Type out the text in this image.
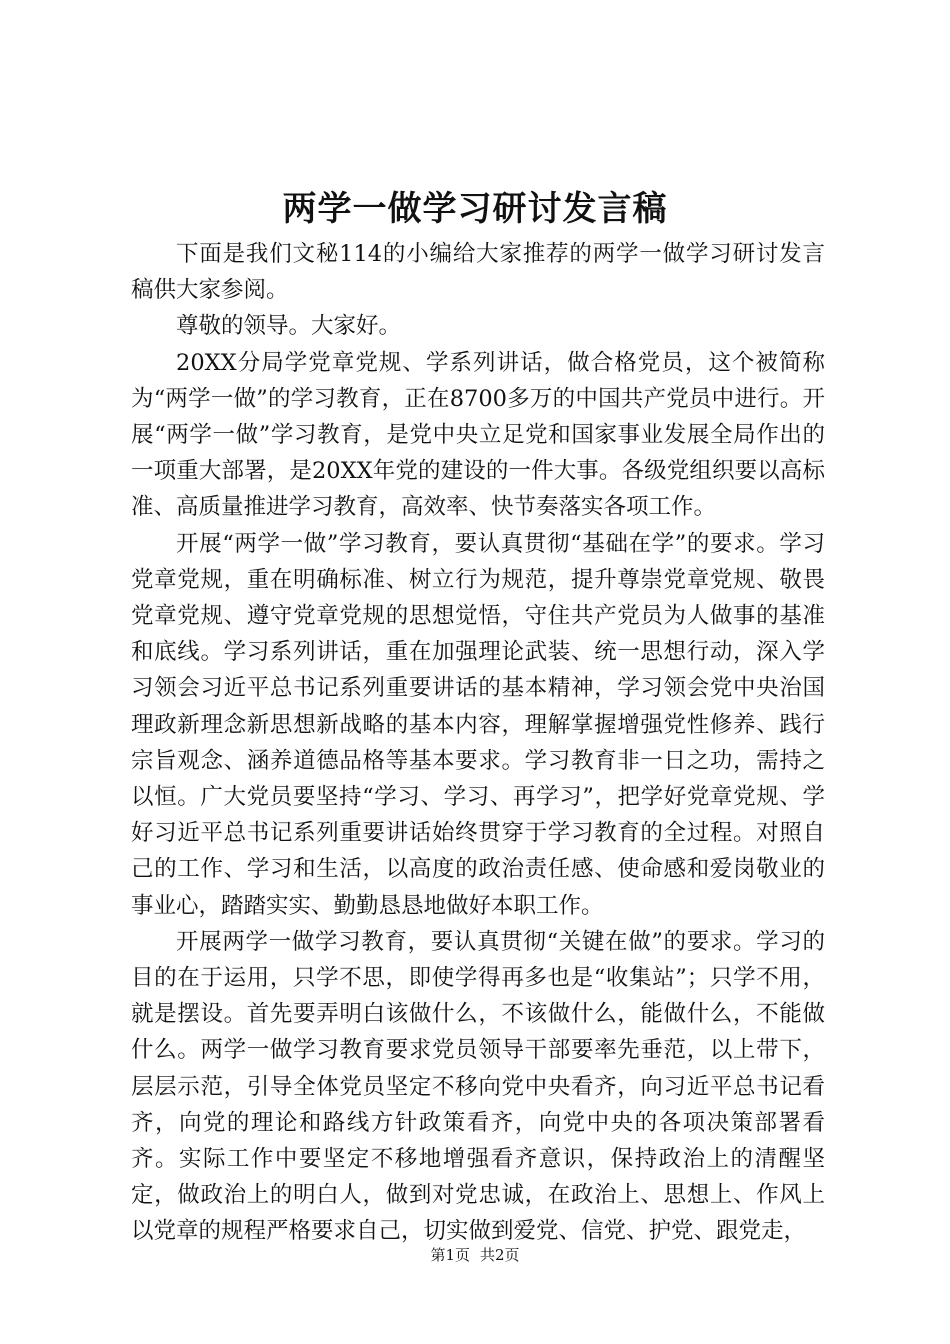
两学一做学习研讨发言稿

下面是我们文秘114的小编给大家推荐的两学一做学习研讨发言稿供大家参阅。

尊敬的领导。大家好。

20XX分局学党章党规、学系列讲话，做合格党员，这个被简称为“两学一做”的学习教育，正在8700多万的中国共产党员中进行。开展“两学一做”学习教育，是党中央立足党和国家事业发展全局作出的一项重大部署，是20XX年党的建设的一件大事。各级党组织要以高标准、高质量推进学习教育，高效率、快节奏落实各项工作。

开展“两学一做”学习教育，要认真贯彻“基础在学”的要求。学习党章党规，重在明确标准、树立行为规范，提升尊崇党章党规、敬畏党章党规、遵守党章党规的思想觉悟，守住共产党员为人做事的基准和底线。学习系列讲话，重在加强理论武装、统一思想行动，深入学习领会习近平总书记系列重要讲话的基本精神，学习领会党中央治国理政新理念新思想新战略的基本内容，理解掌握增强党性修养、践行宗旨观念、涵养道德品格等基本要求。学习教育非一日之功，需持之以恒。广大党员要坚持“学习、学习、再学习”，把学好党章党规、学好习近平总书记系列重要讲话始终贯穿于学习教育的全过程。对照自己的工作、学习和生活，以高度的政治责任感、使命感和爱岗敬业的事业心，踏踏实实、勤勤恳恳地做好本职工作。

开展两学一做学习教育，要认真贯彻“关键在做”的要求。学习的目的在于运用，只学不思，即使学得再多也是“收集站”；只学不用，就是摆设。首先要弄明白该做什么，不该做什么，能做什么，不能做什么。两学一做学习教育要求党员领导干部要率先垂范，以上带下，层层示范，引导全体党员坚定不移向党中央看齐，向习近平总书记看齐，向党的理论和路线方针政策看齐，向党中央的各项决策部署看齐。实际工作中要坚定不移地增强看齐意识，保持政治上的清醒坚定，做政治上的明白人，做到对党忠诚，在政治上、思想上、作风上以党章的规程严格要求自己，切实做到爱党、信党、护党、跟党走，

第1页 共2页
